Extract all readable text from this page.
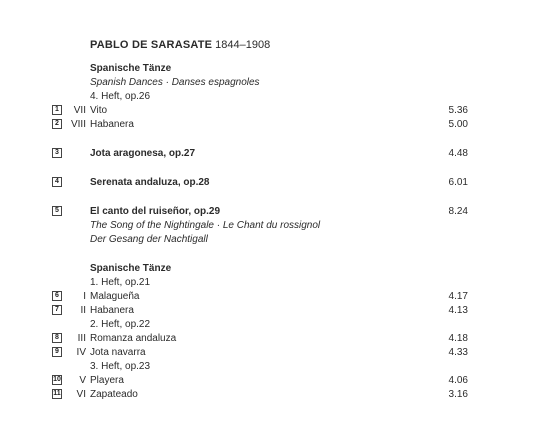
PABLO DE SARASATE 1844–1908
Spanische Tänze
Spanish Dances · Danses espagnoles
4. Heft, op.26
1	VII Vito	5.36
2	VIII Habanera	5.00
3	Jota aragonesa, op.27	4.48
4	Serenata andaluza, op.28	6.01
5	El canto del ruiseñor, op.29	8.24
The Song of the Nightingale · Le Chant du rossignol
Der Gesang der Nachtigall
Spanische Tänze
1. Heft, op.21
6	I Malagueña	4.17
7	II Habanera	4.13
2. Heft, op.22
8	III Romanza andaluza	4.18
9	IV Jota navarra	4.33
3. Heft, op.23
10	V Playera	4.06
11	VI Zapateado	3.16
